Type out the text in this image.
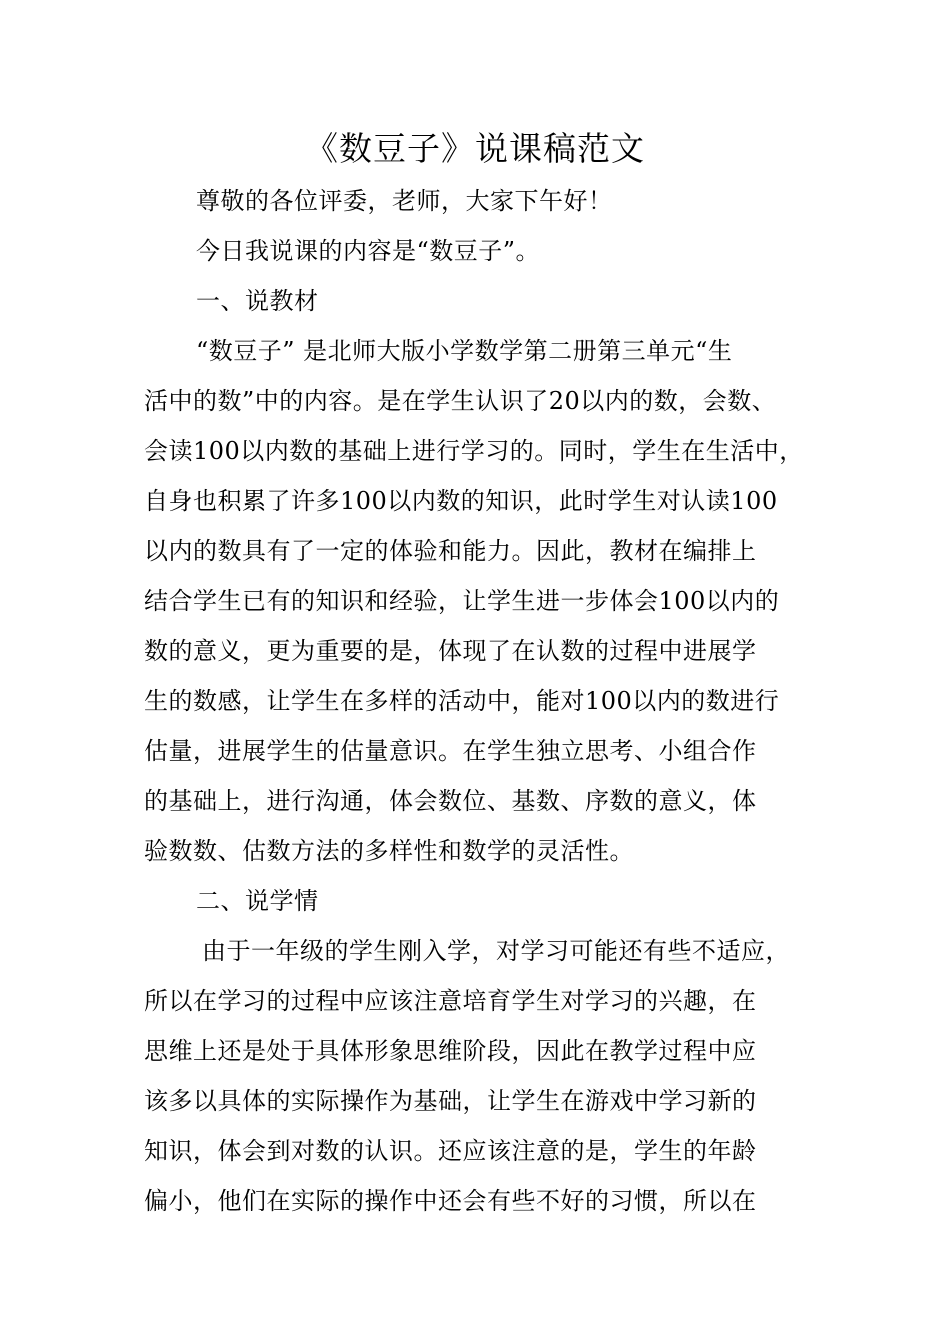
《数豆子》说课稿范文
尊敬的各位评委，老师，大家下午好！
今日我说课的内容是“数豆子”。
一、说教材
“数豆子” 是北师大版小学数学第二册第三单元“生
活中的数”中的内容。是在学生认识了20以内的数，会数、
会读100以内数的基础上进行学习的。同时，学生在生活中，
自身也积累了许多100以内数的知识，此时学生对认读100
以内的数具有了一定的体验和能力。因此，教材在编排上
结合学生已有的知识和经验，让学生进一步体会100以内的
数的意义，更为重要的是，体现了在认数的过程中进展学
生的数感，让学生在多样的活动中，能对100以内的数进行
估量，进展学生的估量意识。在学生独立思考、小组合作
的基础上，进行沟通，体会数位、基数、序数的意义，体
验数数、估数方法的多样性和数学的灵活性。
二、说学情
由于一年级的学生刚入学，对学习可能还有些不适应，
所以在学习的过程中应该注意培育学生对学习的兴趣，在
思维上还是处于具体形象思维阶段，因此在教学过程中应
该多以具体的实际操作为基础，让学生在游戏中学习新的
知识，体会到对数的认识。还应该注意的是，学生的年龄
偏小，他们在实际的操作中还会有些不好的习惯，所以在
